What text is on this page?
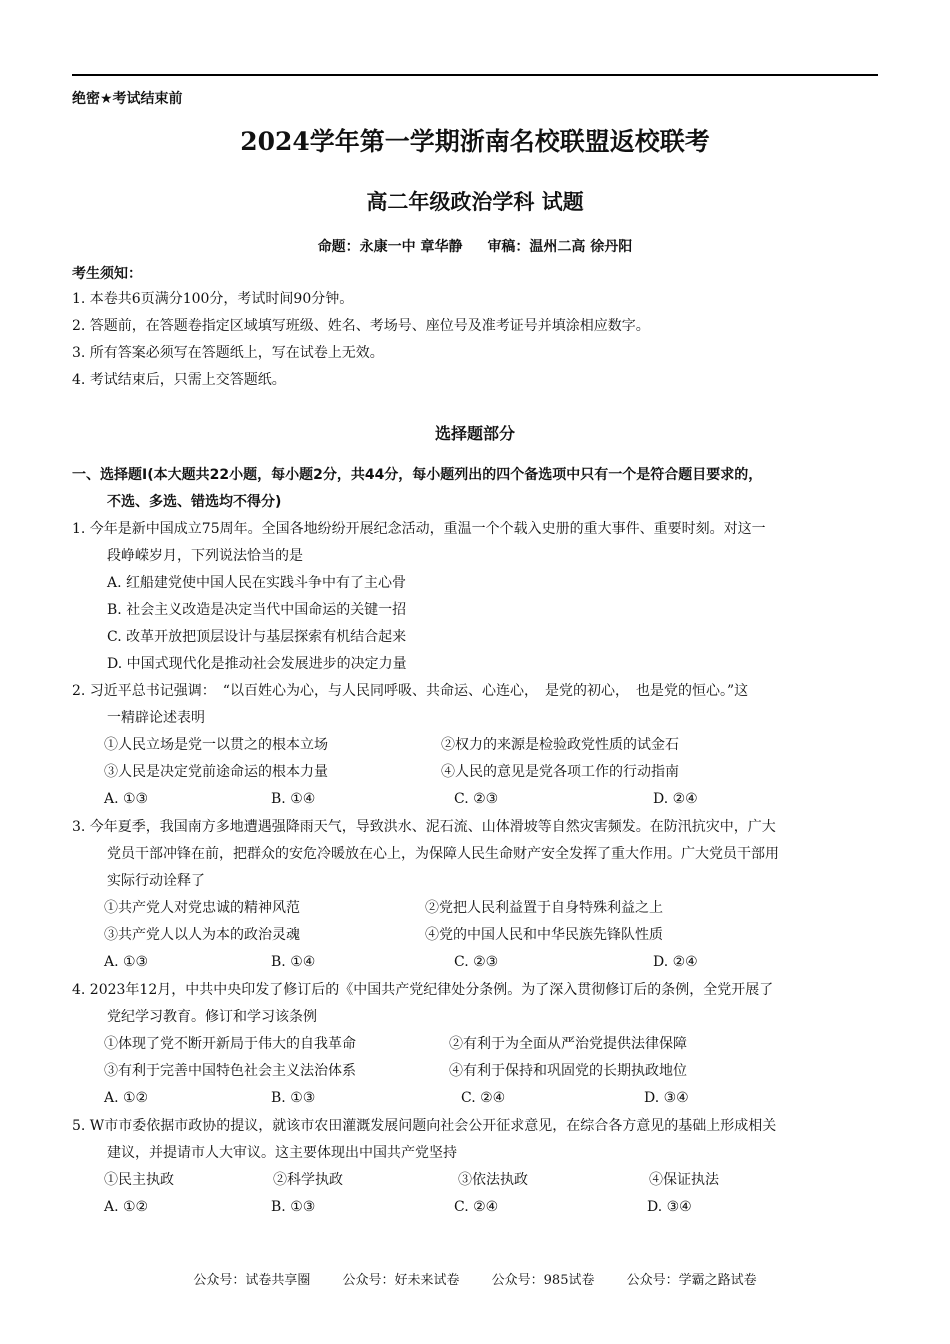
绝密★考试结束前
2024学年第一学期浙南名校联盟返校联考
高二年级政治学科 试题
命题：永康一中 章华静 审稿：温州二高 徐丹阳
考生须知：
1. 本卷共6页满分100分，考试时间90分钟。
2. 答题前，在答题卷指定区域填写班级、姓名、考场号、座位号及准考证号并填涂相应数字。
3. 所有答案必须写在答题纸上，写在试卷上无效。
4. 考试结束后，只需上交答题纸。
选择题部分
一、选择题Ⅰ(本大题共22小题，每小题2分，共44分，每小题列出的四个备选项中只有一个是符合题目要求的，
不选、多选、错选均不得分)
1. 今年是新中国成立75周年。全国各地纷纷开展纪念活动，重温一个个载入史册的重大事件、重要时刻。对这一
段峥嵘岁月，下列说法恰当的是
A. 红船建党使中国人民在实践斗争中有了主心骨
B. 社会主义改造是决定当代中国命运的关键一招
C. 改革开放把顶层设计与基层探索有机结合起来
D. 中国式现代化是推动社会发展进步的决定力量
2. 习近平总书记强调：　“以百姓心为心，与人民同呼吸、共命运、心连心，　是党的初心，　也是党的恒心。”这
一精辟论述表明
①人民立场是党一以贯之的根本立场	②权力的来源是检验政党性质的试金石
③人民是决定党前途命运的根本力量	④人民的意见是党各项工作的行动指南
A. ①③	B. ①④	C. ②③	D. ②④
3. 今年夏季，我国南方多地遭遇强降雨天气，导致洪水、泥石流、山体滑坡等自然灾害频发。在防汛抗灾中，广大
党员干部冲锋在前，把群众的安危冷暖放在心上，为保障人民生命财产安全发挥了重大作用。广大党员干部用
实际行动诠释了
①共产党人对党忠诚的精神风范	②党把人民利益置于自身特殊利益之上
③共产党人以人为本的政治灵魂	④党的中国人民和中华民族先锋队性质
A. ①③	B. ①④	C. ②③	D. ②④
4. 2023年12月，中共中央印发了修订后的《中国共产党纪律处分条例。为了深入贯彻修订后的条例，全党开展了
党纪学习教育。修订和学习该条例
①体现了党不断开新局于伟大的自我革命	②有利于为全面从严治党提供法律保障
③有利于完善中国特色社会主义法治体系	④有利于保持和巩固党的长期执政地位
A. ①②	B. ①③	C. ②④	D. ③④
5. W市市委依据市政协的提议，就该市农田灌溉发展问题向社会公开征求意见，在综合各方意见的基础上形成相关
建议，并提请市人大审议。这主要体现出中国共产党坚持
①民主执政	②科学执政	③依法执政	④保证执法
A. ①②	B. ①③	C. ②④	D. ③④
公众号：试卷共享圈 公众号：好未来试卷 公众号：985试卷 公众号：学霸之路试卷
